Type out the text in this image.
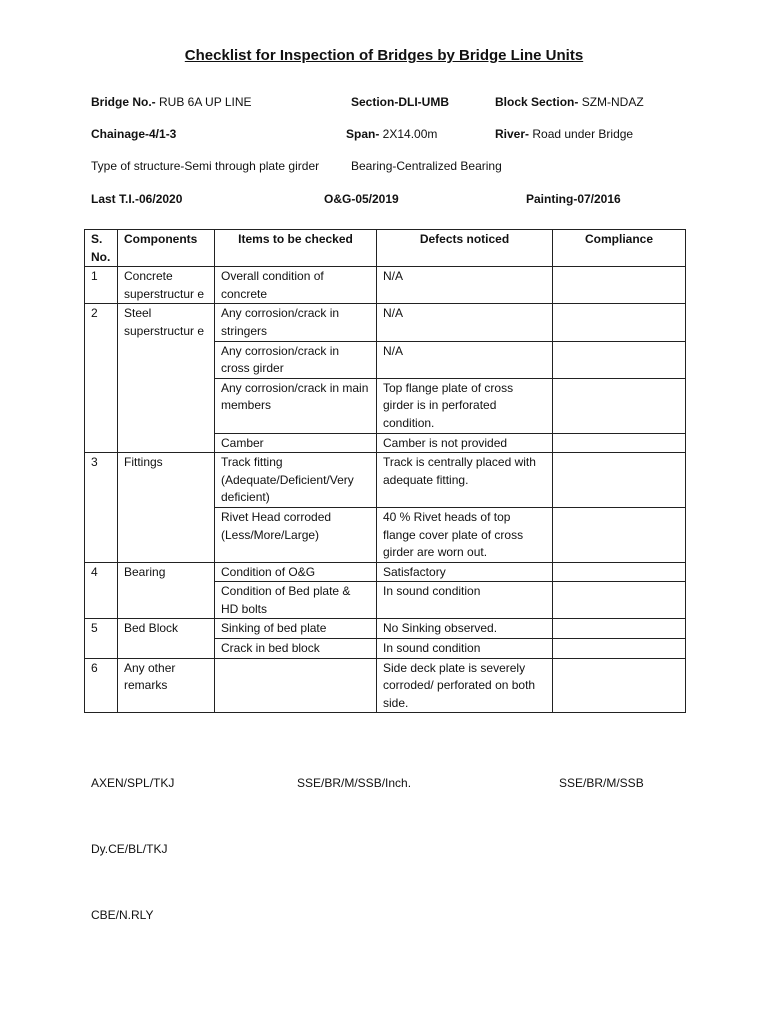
Checklist for Inspection of Bridges by Bridge Line Units
Bridge No.- RUB 6A UP LINE	Section-DLI-UMB	Block Section- SZM-NDAZ
Chainage-4/1-3	Span- 2X14.00m	River- Road under Bridge
Type of structure-Semi through plate girder	Bearing-Centralized Bearing
Last T.I.-06/2020	O&G-05/2019	Painting-07/2016
S. No.	Components	Items to be checked	Defects noticed	Compliance
1	Concrete superstructur e	Overall condition of concrete	N/A	
2	Steel superstructur e	Any corrosion/crack in stringers	N/A	
		Any corrosion/crack in cross girder	N/A	
		Any corrosion/crack in main members	Top flange plate of cross girder is in perforated condition.	
		Camber	Camber is not provided	
3	Fittings	Track fitting (Adequate/Deficient/Very deficient)	Track is centrally placed with adequate fitting.	
		Rivet Head corroded (Less/More/Large)	40 % Rivet heads of top flange cover plate of cross girder are worn out.	
4	Bearing	Condition of O&G	Satisfactory	
		Condition of Bed plate & HD bolts	In sound condition	
5	Bed Block	Sinking of bed plate	No Sinking observed.	
		Crack in bed block	In sound condition	
6	Any other remarks		Side deck plate is severely corroded/ perforated on both side.	
AXEN/SPL/TKJ	SSE/BR/M/SSB/Inch.	SSE/BR/M/SSB
Dy.CE/BL/TKJ
CBE/N.RLY
